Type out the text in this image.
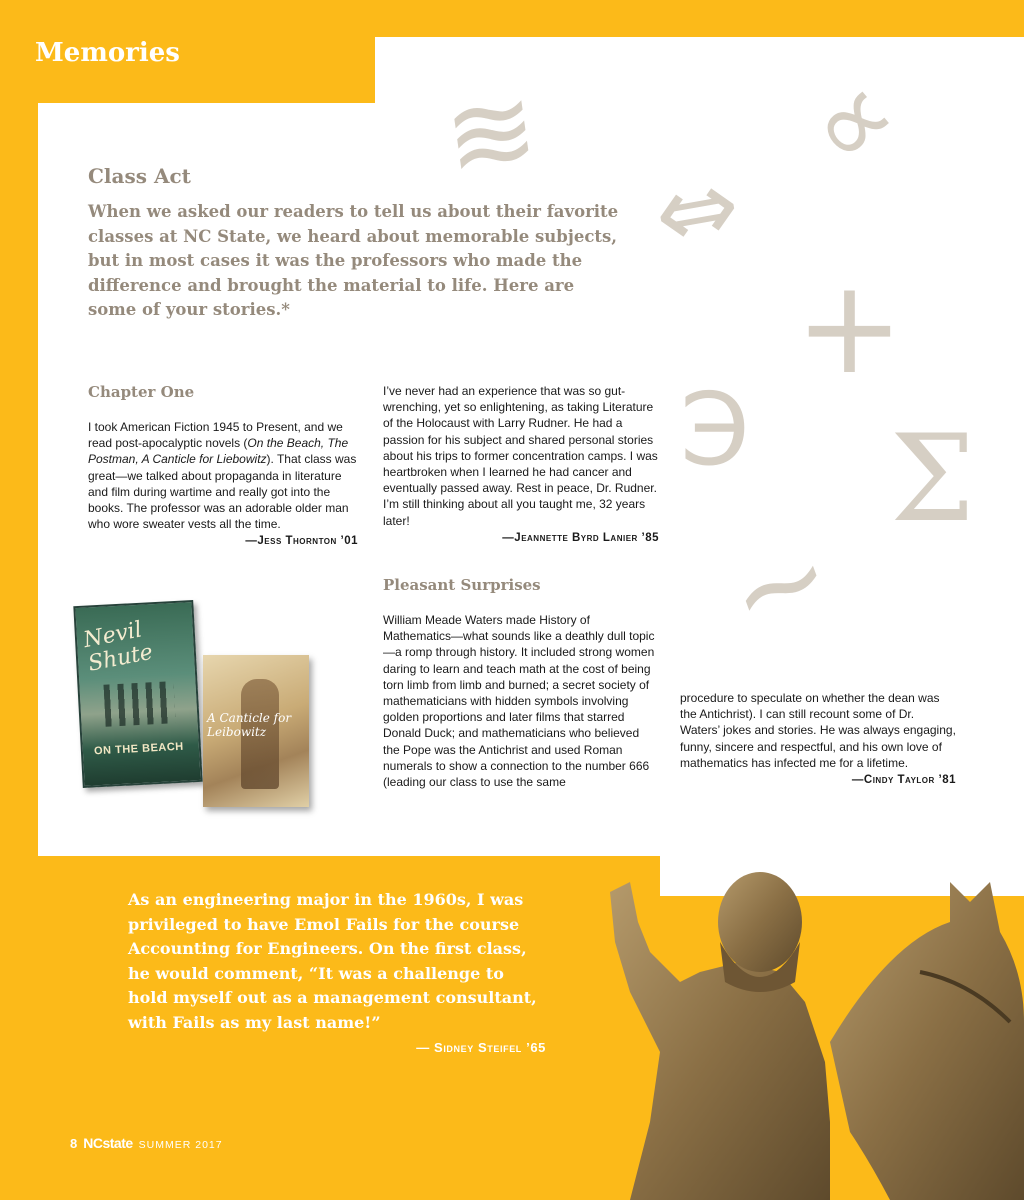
Memories
≋ ∝
⇔
+
Є Σ
~
Class Act

When we asked our readers to tell us about their favorite classes at NC State, we heard about memorable subjects, but in most cases it was the professors who made the difference and brought the material to life. Here are some of your stories.*

Chapter One

I took American Fiction 1945 to Present, and we read post-apocalyptic novels (On the Beach, The Postman, A Canticle for Liebowitz). That class was great—we talked about propaganda in literature and film during wartime and really got into the books. The professor was an adorable older man who wore sweater vests all the time.

—Jess Thornton ’01

I’ve never had an experience that was so gut-wrenching, yet so enlightening, as taking Literature of the Holocaust with Larry Rudner. He had a passion for his subject and shared personal stories about his trips to former concentration camps. I was heartbroken when I learned he had cancer and eventually passed away. Rest in peace, Dr. Rudner. I’m still thinking about all you taught me, 32 years later!

—Jeannette Byrd Lanier ’85

Pleasant Surprises

William Meade Waters made History of Mathematics—what sounds like a deathly dull topic—a romp through history. It included strong women daring to learn and teach math at the cost of being torn limb from limb and burned; a secret society of mathematicians with hidden symbols involving golden proportions and later films that starred Donald Duck; and mathematicians who believed the Pope was the Antichrist and used Roman numerals to show a connection to the number 666 (leading our class to use the same

procedure to speculate on whether the dean was the Antichrist). I can still recount some of Dr. Waters’ jokes and stories. He was always engaging, funny, sincere and respectful, and his own love of mathematics has infected me for a lifetime.

—Cindy Taylor ’81

Nevil Shute
ON THE BEACH
A Canticle for Leibowitz

As an engineering major in the 1960s, I was privileged to have Emol Fails for the course Accounting for Engineers. On the first class, he would comment, “It was a challenge to hold myself out as a management consultant, with Fails as my last name!”

— Sidney Steifel ’65

8 NCstate SUMMER 2017
